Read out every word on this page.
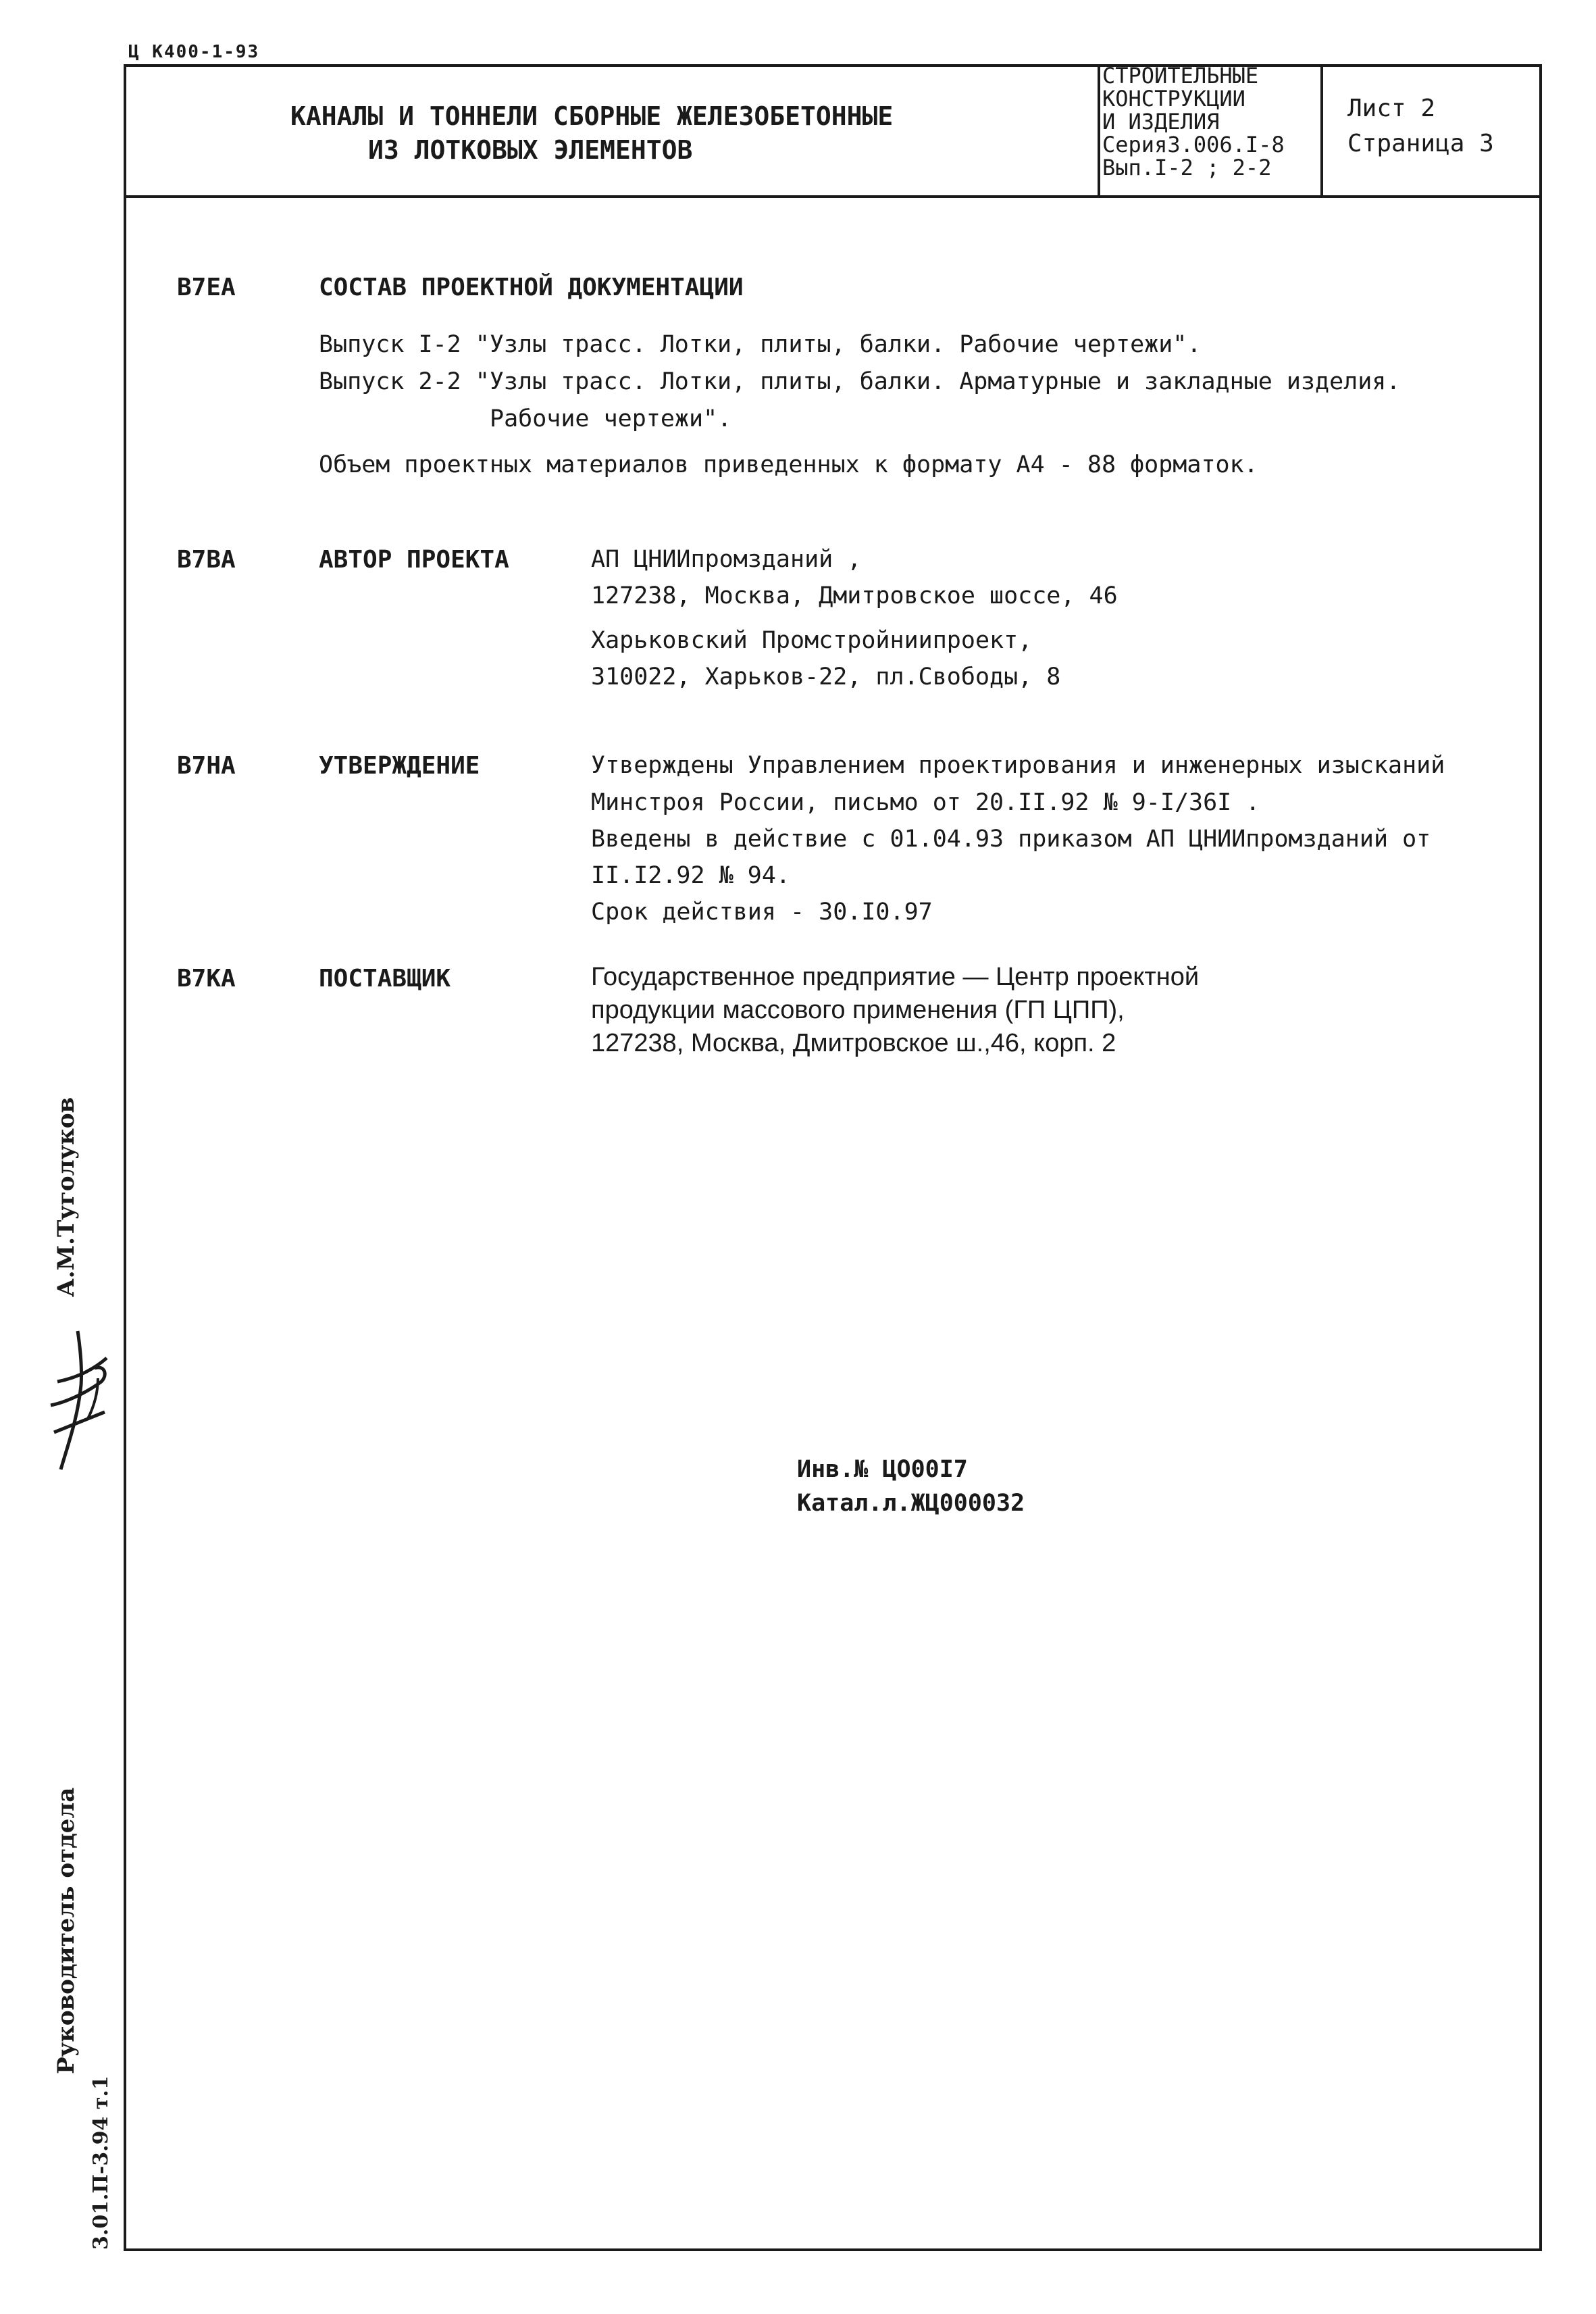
Ц К400-1-93
КАНАЛЫ И ТОННЕЛИ СБОРНЫЕ ЖЕЛЕЗОБЕТОННЫЕ
ИЗ ЛОТКОВЫХ ЭЛЕМЕНТОВ
СТРОИТЕЛЬНЫЕ
КОНСТРУКЦИИ
И ИЗДЕЛИЯ
Серия3.006.I-8
Вып.I-2 ; 2-2
Лист 2
Страница 3
В7ЕА	СОСТАВ ПРОЕКТНОЙ ДОКУМЕНТАЦИИ
Выпуск I-2 "Узлы трасс. Лотки, плиты, балки. Рабочие чертежи".
Выпуск 2-2 "Узлы трасс. Лотки, плиты, балки. Арматурные и закладные изделия.
Рабочие чертежи".
Объем проектных материалов приведенных к формату А4 - 88 форматок.
В7ВА	АВТОР ПРОЕКТА	АП ЦНИИпромзданий ,
127238, Москва, Дмитровское шоссе, 46
Харьковский Промстройниипроект,
310022, Харьков-22, пл.Свободы, 8
В7НА	УТВЕРЖДЕНИЕ	Утверждены Управлением проектирования и инженерных изысканий
Минстроя России, письмо от 20.II.92 № 9-I/36I .
Введены в действие с 01.04.93 приказом АП ЦНИИпромзданий от
II.I2.92 № 94.
Срок действия - 30.I0.97
В7КА	ПОСТАВЩИК	Государственное предприятие — Центр проектной
продукции массового применения (ГП ЦПП),
127238, Москва, Дмитровское ш.,46, корп. 2
Инв.№ ЦО00I7
Катал.л.ЖЦ000032
А.М.Туголуков
Руководитель отдела
3.01.П-3.94 т.1
